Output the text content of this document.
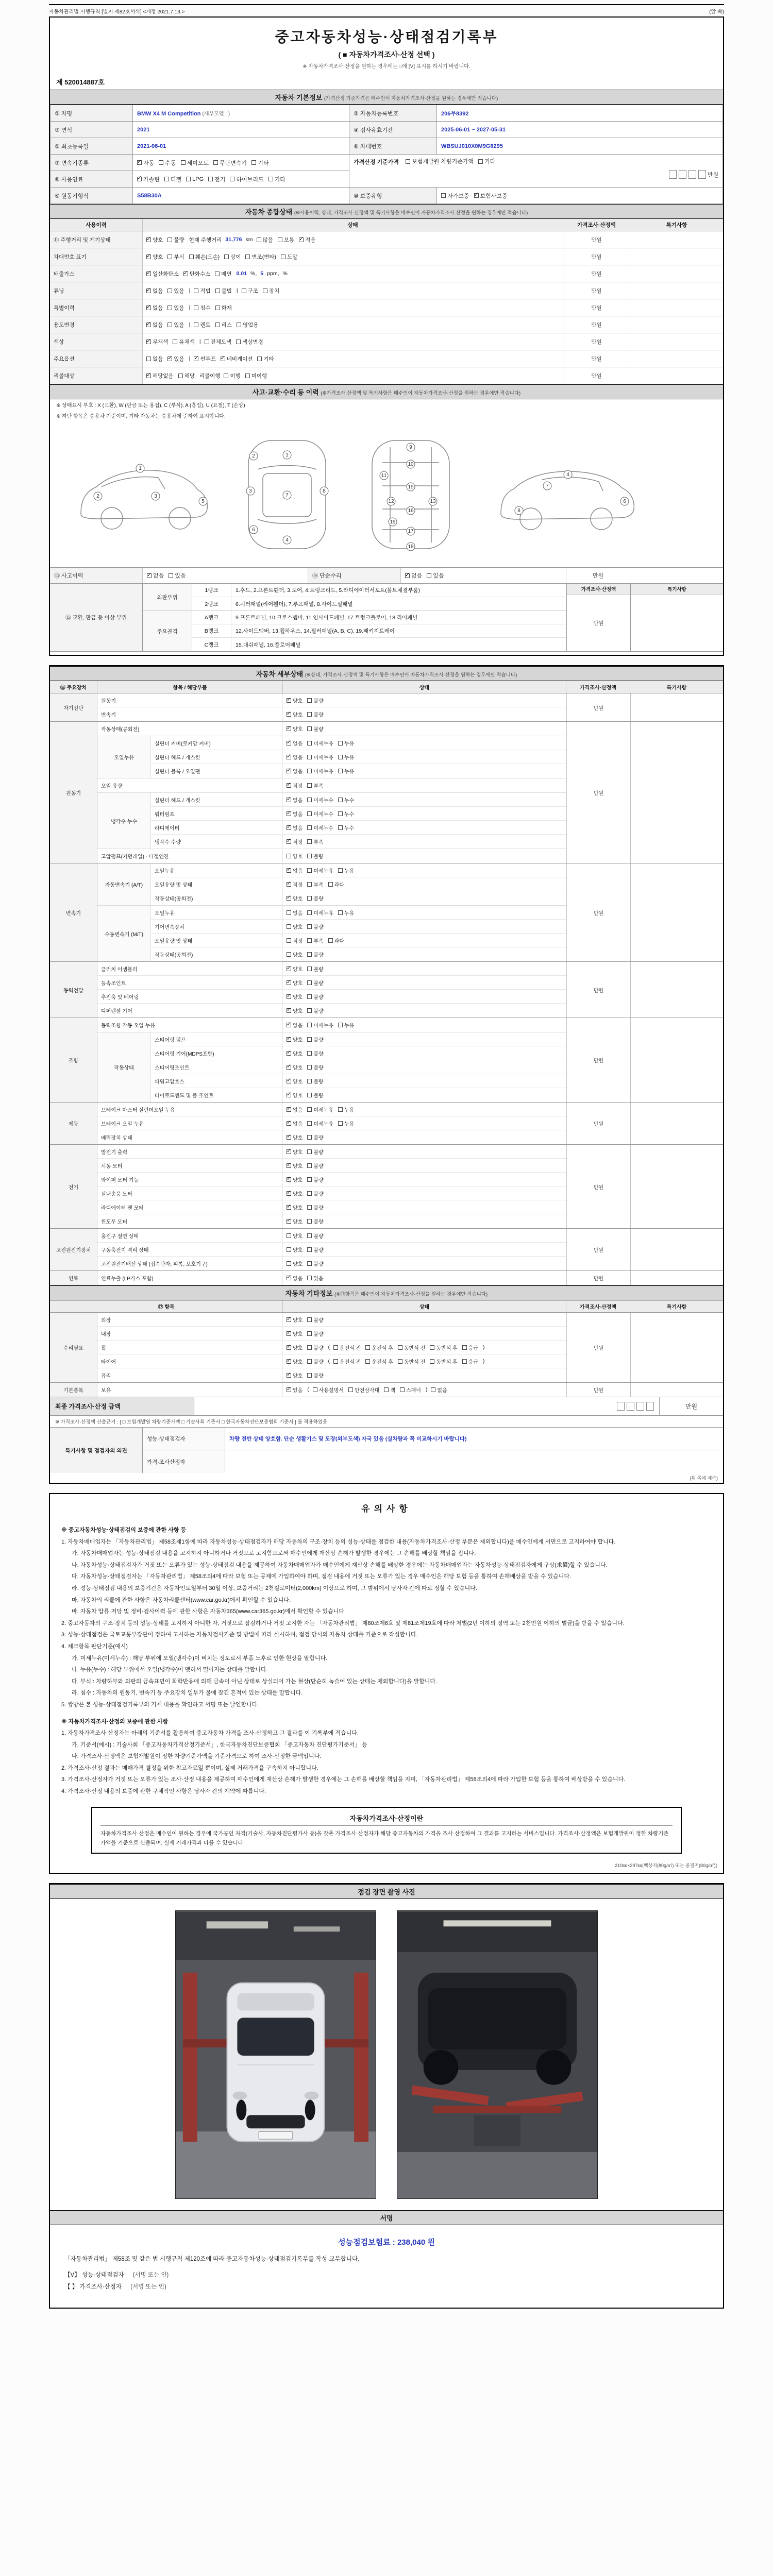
자동차관리법 시행규칙 [별지 제82호서식] <개정 2021.7.13.>	(앞 쪽)
중고자동차성능·상태점검기록부
( ■ 자동차가격조사·산정 선택 )
※ 자동차가격조사·산정을 원하는 경우에는 □에 [V] 표시를 하시기 바랍니다.
제 520014887호
자동차 기본정보 (가격산정 기준가격은 매수인이 자동차가격조사·산정을 원하는 경우에만 적습니다)
① 차명	BMW X4 M Competition (세부모델 : )	② 자동차등록번호	206무8392
③ 연식	2021	④ 검사유효기간	2025-06-01 ~ 2027-05-31
⑤ 최초등록일	2021-06-01	⑥ 차대번호	WBSUJ010X0M9G8295
⑦ 변속기종류	
✓자동 수동 세미오토 무단변속기 기타	가격산정 기준가격 보험개발원 차량기준가액 기타
만원

⑧ 사용연료	
✓가솔린 디젤 LPG 전기 하이브리드 기타

⑨ 원동기형식	S58B30A	⑩ 보증유형	자가보증 ✓ 보험사보증
자동차 종합상태 (※사용이력, 상태, 가격조사·산정액 및 특기사항은 매수인이 자동차가격조사·산정을 원하는 경우에만 적습니다)
사용이력	상태	가격조사·산정액	특기사항
⑪ 주행거리 및 계기상태 ✓	양호 불량 현재 주행거리 31,776 km 많음 보통 ✓ 적음	만원
차대번호 표기 ✓	양호 부식 훼손(오손) 상이 변조(변타) 도말	만원
배출가스 ✓	일산화탄소 ✓ 탄화수소 매연 0.01 %, 5 ppm, %	만원
튜닝 ✓	없음 있음 | 적법 불법 | 구조 장치	만원
특별이력 ✓	없음 있음 | 침수 화재	만원
용도변경 ✓	없음 있음 | 렌트 리스 영업용	만원
색상 ✓	무채색 유채색 | 전체도색 색상변경	만원
주요옵션	없음 ✓ 있음 | ✓ 썬루프 ✓ 네비게이션 기타	만원
리콜대상 ✓	해당없음 해당 리콜이행 이행 미이행	만원
사고·교환·수리 등 이력 (※가격조사·산정액 및 특기사항은 매수인이 자동차가격조사·산정을 원하는 경우에만 적습니다)
※ 상태표시 부호 : X (교환), W (판금 또는 용접), C (부식), A (흠집), U (요철), T (손상)
※ 하단 항목은 승용차 기준이며, 기타 자동차는 승용차에 준하여 표시합니다.
1
2	3
5
1
2
3
7
4
6
8
9
10
11
12	13
15
16
17
18
19
4
6
7
8
⑬ 사고이력 ✓	없음 있음	⑭ 단순수리 ✓	없음 있음	만원
⑮ 교환, 판금 등 이상 부위
외판부위
1랭크	1.후드, 2.프론트휀더, 3.도어, 4.트렁크리드, 5.라디에이터서포트(볼트체결부품)
2랭크	6.쿼터패널(리어휀더), 7.루프패널, 8.사이드실패널
주요골격
A랭크	9.프론트패널, 10.크로스멤버, 11.인사이드패널, 17.트렁크플로어, 18.리어패널
B랭크	12.사이드멤버, 13.휠하우스, 14.필러패널(A, B, C), 19.패키지트레이
C랭크	15.대쉬패널, 16.플로어패널
가격조사·산정액
만원
특기사항
자동차 세부상태 (※상태, 가격조사·산정액 및 특기사항은 매수인이 자동차가격조사·산정을 원하는 경우에만 적습니다)
⑯ 주요장치	항목 / 해당부품	상태	가격조사·산정액	특기사항
자기진단
원동기 ✓	양호 불량
변속기 ✓	양호 불량
만원
원동기
작동상태(공회전) ✓	양호 불량
오일누유
실린더 커버(로커암 커버) ✓	없음 미세누유 누유
실린더 헤드 / 개스킷 ✓	없음 미세누유 누유
실린더 블록 / 오일팬 ✓	없음 미세누유 누유
오일 유량 ✓	적정 부족
냉각수 누수
실린더 헤드 / 개스킷 ✓	없음 미세누수 누수
워터펌프 ✓	없음 미세누수 누수
라디에이터 ✓	없음 미세누수 누수
냉각수 수량 ✓	적정 부족
고압펌프(커먼레일) - 디젤엔진	양호 불량
만원
변속기
자동변속기 (A/T)
오일누유 ✓	없음 미세누유 누유
오일유량 및 상태 ✓	적정 부족 과다
작동상태(공회전) ✓	양호 불량
수동변속기 (M/T)
오일누유	없음 미세누유 누유
기어변속장치	양호 불량
오일유량 및 상태	적정 부족 과다
작동상태(공회전)	양호 불량
만원
동력전달
클러치 어셈블리 ✓	양호 불량
등속조인트 ✓	양호 불량
추진축 및 베어링 ✓	양호 불량
디퍼렌셜 기어 ✓	양호 불량
만원
조향
동력조향 작동 오일 누유 ✓	없음 미세누유 누유
작동상태
스티어링 펌프 ✓	양호 불량
스티어링 기어(MDPS포함) ✓	양호 불량
스티어링조인트 ✓	양호 불량
파워고압호스 ✓	양호 불량
타이로드엔드 및 볼 조인트 ✓	양호 불량
만원
제동
브레이크 마스터 실린더오일 누유 ✓	없음 미세누유 누유
브레이크 오일 누유 ✓	없음 미세누유 누유
배력장치 상태 ✓	양호 불량
만원
전기
발전기 출력 ✓	양호 불량
시동 모터 ✓	양호 불량
와이퍼 모터 기능 ✓	양호 불량
실내송풍 모터 ✓	양호 불량
라디에이터 팬 모터 ✓	양호 불량
윈도우 모터 ✓	양호 불량
만원
고전원전기장치
충전구 절연 상태	양호 불량
구동축전지 격리 상태	양호 불량
고전원전기배선 상태 (접속단자, 피복, 보호기구)	양호 불량
만원
연료	연료누출 (LP가스 포함) ✓	없음 있음	만원
자동차 기타정보 (※⑰항목은 매수인이 자동차가격조사·산정을 원하는 경우에만 적습니다)
⑰ 항목	상태	가격조사·산정액	특기사항
수리필요
외장 ✓	양호 불량
내장 ✓	양호 불량
휠 ✓	양호 불량 ( 운전석 전 운전석 후 동반석 전 동반석 후 응급 )
타이어 ✓	양호 불량 ( 운전석 전 운전석 후 동반석 전 동반석 후 응급 )
유리 ✓	양호 불량
만원
기본품목	보유 ✓	있음 ( 사용설명서 안전삼각대 잭 스패너 ) 없음	만원
최종 가격조사·산정 금액	만원
※ 가격조사·산정액 산출근거 : [ □ 보험개발원 차량기준가액 □ 기술사회 기준서 □ 한국자동차진단보증협회 기준서 ] 를 적용하였음
특기사항 및 점검자의 의견
성능·상태점검자	차량 전반 상태 양호함. 단순 생활기스 및 도장(외부도색) 자국 있음 (실차량과 꼭 비교하시기 바랍니다)
가격·조사산정자
(뒤 쪽에 계속)
유의사항
※ 중고자동차성능·상태점검의 보증에 관한 사항 등
1. 자동차매매업자는 「자동차관리법」 제58조제1항에 따라 자동차성능·상태점검자가 해당 자동차의 구조·장치 등의 성능·상태를 점검한 내용(자동차가격조사·산정 부분은 제외합니다)을 매수인에게 서면으로 고지하여야 합니다.
가. 자동차매매업자는 성능·상태점검 내용을 고지하지 아니하거나 거짓으로 고지함으로써 매수인에게 재산상 손해가 발생한 경우에는 그 손해를 배상할 책임을 집니다.
나. 자동차성능·상태점검자가 거짓 또는 오류가 있는 성능·상태점검 내용을 제공하여 자동차매매업자가 매수인에게 재산상 손해를 배상한 경우에는 자동차매매업자는 자동차성능·상태점검자에게 구상(求償)할 수 있습니다.
다. 자동차성능·상태점검자는 「자동차관리법」 제58조의4에 따라 보험 또는 공제에 가입하여야 하며, 점검 내용에 거짓 또는 오류가 있는 경우 매수인은 해당 보험 등을 통하여 손해배상을 받을 수 있습니다.
라. 성능·상태점검 내용의 보증기간은 자동차인도일부터 30일 이상, 보증거리는 2천킬로미터(2,000km) 이상으로 하며, 그 범위에서 당사자 간에 따로 정할 수 있습니다.
마. 자동차의 리콜에 관한 사항은 자동차리콜센터(www.car.go.kr)에서 확인할 수 있습니다.
바. 자동차 압류·저당 및 정비·검사이력 등에 관한 사항은 자동차365(www.car365.go.kr)에서 확인할 수 있습니다.
2. 중고자동차의 구조·장치 등의 성능·상태를 고지하지 아니한 자, 거짓으로 점검하거나 거짓 고지한 자는 「자동차관리법」 제80조제6호 및 제81조제19호에 따라 처벌(2년 이하의 징역 또는 2천만원 이하의 벌금)을 받을 수 있습니다.
3. 성능·상태점검은 국토교통부장관이 정하여 고시하는 자동차검사기준 및 방법에 따라 실시하며, 점검 당시의 자동차 상태를 기준으로 작성합니다.
4. 체크항목 판단기준(예시)
가. 미세누유(미세누수) : 해당 부위에 오일(냉각수)이 비치는 정도로서 부품 노후로 인한 현상을 말합니다.
나. 누유(누수) : 해당 부위에서 오일(냉각수)이 맺혀서 떨어지는 상태를 말합니다.
다. 부식 : 차량하부와 외판의 금속표면이 화학반응에 의해 금속이 아닌 상태로 상실되어 가는 현상(단순히 녹슬어 있는 상태는 제외합니다)을 말합니다.
라. 침수 : 자동차의 원동기, 변속기 등 주요장치 일부가 물에 잠긴 흔적이 있는 상태를 말합니다.
5. 쌍방은 본 성능·상태점검기록부의 기재 내용을 확인하고 서명 또는 날인합니다.
※ 자동차가격조사·산정의 보증에 관한 사항
1. 자동차가격조사·산정자는 아래의 기준서를 활용하여 중고자동차 가격을 조사·산정하고 그 결과를 이 기록부에 적습니다.
가. 기준서(예시) : 기술사회 「중고자동차가격산정기준서」, 한국자동차진단보증협회 「중고자동차 진단평가기준서」 등
나. 가격조사·산정액은 보험개발원이 정한 차량기준가액을 기준가격으로 하여 조사·산정한 금액입니다.
2. 가격조사·산정 결과는 매매가격 결정을 위한 참고자료일 뿐이며, 실제 거래가격을 구속하지 아니합니다.
3. 가격조사·산정자가 거짓 또는 오류가 있는 조사·산정 내용을 제공하여 매수인에게 재산상 손해가 발생한 경우에는 그 손해를 배상할 책임을 지며, 「자동차관리법」 제58조의4에 따라 가입한 보험 등을 통하여 배상받을 수 있습니다.
4. 가격조사·산정 내용의 보증에 관한 구체적인 사항은 당사자 간의 계약에 따릅니다.
자동차가격조사·산정이란
자동차가격조사·산정은 매수인이 원하는 경우에 국가공인 자격(기술사, 자동차진단평가사 등)을 갖춘 가격조사·산정자가 해당 중고자동차의 가격을 조사·산정하여 그 결과를 고지하는 서비스입니다. 가격조사·산정액은 보험개발원이 정한 차량기준가액을 기준으로 산출되며, 실제 거래가격과 다를 수 있습니다.
210㎜×297㎜[백상지(80g/㎡) 또는 중질지(80g/㎡)]
점검 장면 촬영 사진
서명
성능점검보험료 : 238,040 원
「자동차관리법」 제58조 및 같은 법 시행규칙 제120조에 따라 중고자동차성능·상태점검기록부를 작성·교부합니다.
【V】 성능·상태점검자 (서명 또는 인)
【 】 가격조사·산정자 (서명 또는 인)
